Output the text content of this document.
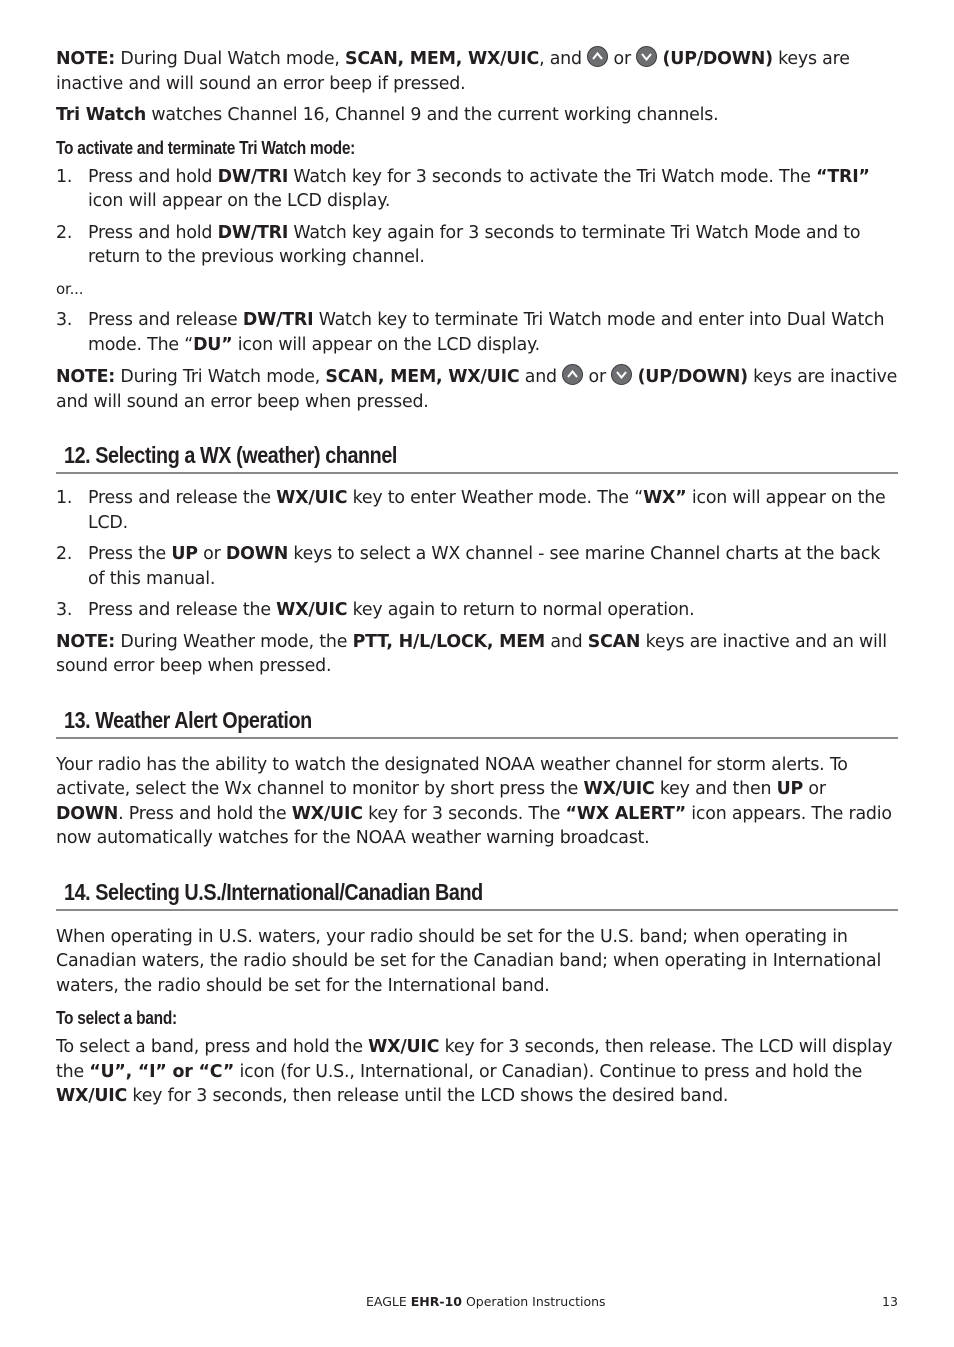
NOTE: During Dual Watch mode, SCAN, MEM, WX/UIC, and
or
(UP/DOWN) keys are inactive and will sound an error beep if pressed.

Tri Watch watches Channel 16, Channel 9 and the current working channels.

To activate and terminate Tri Watch mode:

1. Press and hold DW/TRI Watch key for 3 seconds to activate the Tri Watch mode. The “TRI” icon will appear on the LCD display.
2. Press and hold DW/TRI Watch key again for 3 seconds to terminate Tri Watch Mode and to return to the previous working channel.

or...

3. Press and release DW/TRI Watch key to terminate Tri Watch mode and enter into Dual Watch mode. The “DU” icon will appear on the LCD display.

NOTE: During Tri Watch mode, SCAN, MEM, WX/UIC and
or
(UP/DOWN) keys are inactive and will sound an error beep when pressed.

12. Selecting a WX (weather) channel
1. Press and release the WX/UIC key to enter Weather mode. The “WX” icon will appear on the LCD.
2. Press the UP or DOWN keys to select a WX channel - see marine Channel charts at the back of this manual.
3. Press and release the WX/UIC key again to return to normal operation.

NOTE: During Weather mode, the PTT, H/L/LOCK, MEM and SCAN keys are inactive and an will sound error beep when pressed.

13. Weather Alert Operation

Your radio has the ability to watch the designated NOAA weather channel for storm alerts. To activate, select the Wx channel to monitor by short press the WX/UIC key and then UP or DOWN. Press and hold the WX/UIC key for 3 seconds. The “WX ALERT” icon appears. The radio now automatically watches for the NOAA weather warning broadcast.

14. Selecting U.S./International/Canadian Band

When operating in U.S. waters, your radio should be set for the U.S. band; when operating in Canadian waters, the radio should be set for the Canadian band; when operating in International waters, the radio should be set for the International band.

To select a band:

To select a band, press and hold the WX/UIC key for 3 seconds, then release. The LCD will display the “U”, “I” or “C” icon (for U.S., International, or Canadian). Continue to press and hold the WX/UIC key for 3 seconds, then release until the LCD shows the desired band.

EAGLE EHR-10 Operation Instructions	13
